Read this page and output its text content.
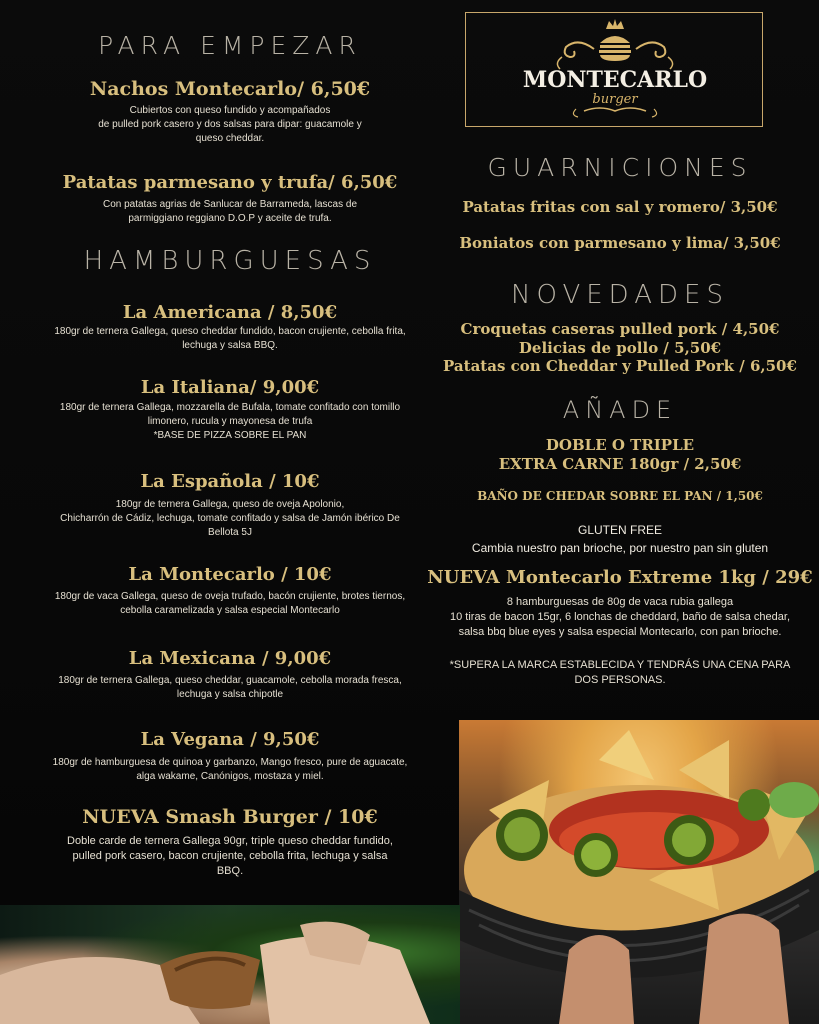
PARA EMPEZAR
Nachos Montecarlo/ 6,50€
Cubiertos con queso fundido y acompañados
de pulled pork casero y dos salsas para dipar: guacamole y
queso cheddar.
Patatas parmesano y trufa/ 6,50€
Con patatas agrias de Sanlucar de Barrameda, lascas de
parmiggiano reggiano D.O.P y aceite de trufa.
HAMBURGUESAS
La Americana / 8,50€
180gr de ternera Gallega, queso cheddar fundido, bacon crujiente, cebolla frita,
lechuga y salsa BBQ.
La Italiana/ 9,00€
180gr de ternera Gallega, mozzarella de Bufala, tomate confitado con tomillo
limonero, rucula y mayonesa de trufa
*BASE DE PIZZA SOBRE EL PAN
La Española / 10€
180gr de ternera Gallega, queso de oveja Apolonio,
Chicharrón de Cádiz, lechuga, tomate confitado y salsa de Jamón ibérico De
Bellota 5J
La Montecarlo / 10€
180gr de vaca Gallega, queso de oveja trufado, bacón crujiente, brotes tiernos,
cebolla caramelizada y salsa especial Montecarlo
La Mexicana / 9,00€
180gr de ternera Gallega, queso cheddar, guacamole, cebolla morada fresca,
lechuga y salsa chipotle
La Vegana / 9,50€
180gr de hamburguesa de quinoa y garbanzo, Mango fresco, pure de aguacate,
alga wakame, Canónigos, mostaza y miel.
NUEVA Smash Burger / 10€
Doble carde de ternera Gallega 90gr, triple queso cheddar fundido,
pulled pork casero, bacon crujiente, cebolla frita, lechuga y salsa
BBQ.
MONTECARLO
burger
GUARNICIONES
Patatas fritas con sal y romero/ 3,50€
Boniatos con parmesano y lima/ 3,50€
NOVEDADES
Croquetas caseras pulled pork / 4,50€
Delicias de pollo / 5,50€
Patatas con Cheddar y Pulled Pork / 6,50€
AÑADE
DOBLE O TRIPLE
EXTRA CARNE 180gr / 2,50€
BAÑO DE CHEDAR SOBRE EL PAN / 1,50€
GLUTEN FREE
Cambia nuestro pan brioche, por nuestro pan sin gluten
NUEVA Montecarlo Extreme 1kg / 29€
8 hamburguesas de 80g de vaca rubia gallega
10 tiras de bacon 15gr, 6 lonchas de cheddard, baño de salsa chedar,
salsa bbq blue eyes y salsa especial Montecarlo, con pan brioche.
*SUPERA LA MARCA ESTABLECIDA Y TENDRÁS UNA CENA PARA
DOS PERSONAS.
